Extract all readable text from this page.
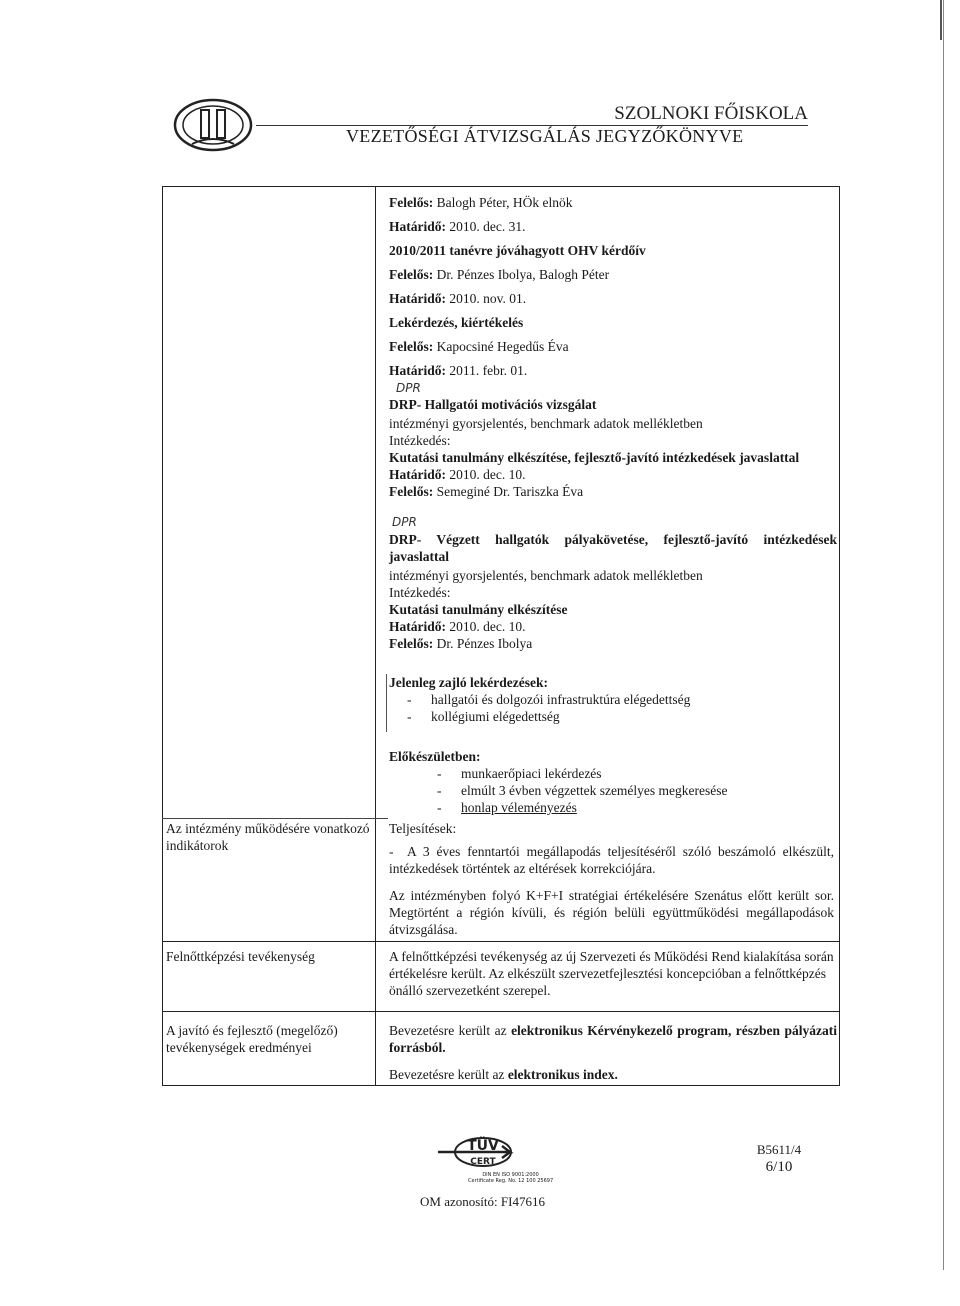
SZOLNOKI FŐISKOLA
VEZETŐSÉGI ÁTVIZSGÁLÁS JEGYZŐKÖNYVE
Felelős: Balogh Péter, HÖk elnök
Határidő: 2010. dec. 31.
2010/2011 tanévre jóváhagyott OHV kérdőív
Felelős: Dr. Pénzes Ibolya, Balogh Péter
Határidő: 2010. nov. 01.
Lekérdezés, kiértékelés
Felelős: Kapocsiné Hegedűs Éva
Határidő: 2011. febr. 01.
DPR
DRP- Hallgatói motivációs vizsgálat
intézményi gyorsjelentés, benchmark adatok mellékletben
Intézkedés:
Kutatási tanulmány elkészítése, fejlesztő-javító intézkedések javaslattal
Határidő: 2010. dec. 10.
Felelős: Semeginé Dr. Tariszka Éva
DPR
DRP- Végzett hallgatók pályakövetése, fejlesztő-javító intézkedések javaslattal
intézményi gyorsjelentés, benchmark adatok mellékletben
Intézkedés:
Kutatási tanulmány elkészítése
Határidő: 2010. dec. 10.
Felelős: Dr. Pénzes Ibolya
Jelenleg zajló lekérdezések:
- hallgatói és dolgozói infrastruktúra elégedettség
- kollégiumi elégedettség
Előkészületben:
- munkaerőpiaci lekérdezés
- elmúlt 3 évben végzettek személyes megkeresése
- honlap véleményezés
Az intézmény működésére vonatkozó indikátorok
Teljesítések:
- A 3 éves fenntartói megállapodás teljesítéséről szóló beszámoló elkészült, intézkedések történtek az eltérések korrekciójára.
Az intézményben folyó K+F+I stratégiai értékelésére Szenátus előtt került sor. Megtörtént a régión kívüli, és régión belüli együttműködési megállapodások átvizsgálása.
Felnőttképzési tevékenység	A felnőttképzési tevékenység az új Szervezeti és Működési Rend kialakítása során értékelésre került. Az elkészült szervezetfejlesztési koncepcióban a felnőttképzés önálló szervezetként szerepel.
A javító és fejlesztő (megelőző) tevékenységek eredményei
Bevezetésre került az elektronikus Kérvénykezelő program, részben pályázati forrásból.
Bevezetésre került az elektronikus index.
TÜV
CERT
DIN EN ISO 9001:2000
Certificate Reg. No. 12 100 25697
OM azonosító: FI47616
B5611/4
6/10
